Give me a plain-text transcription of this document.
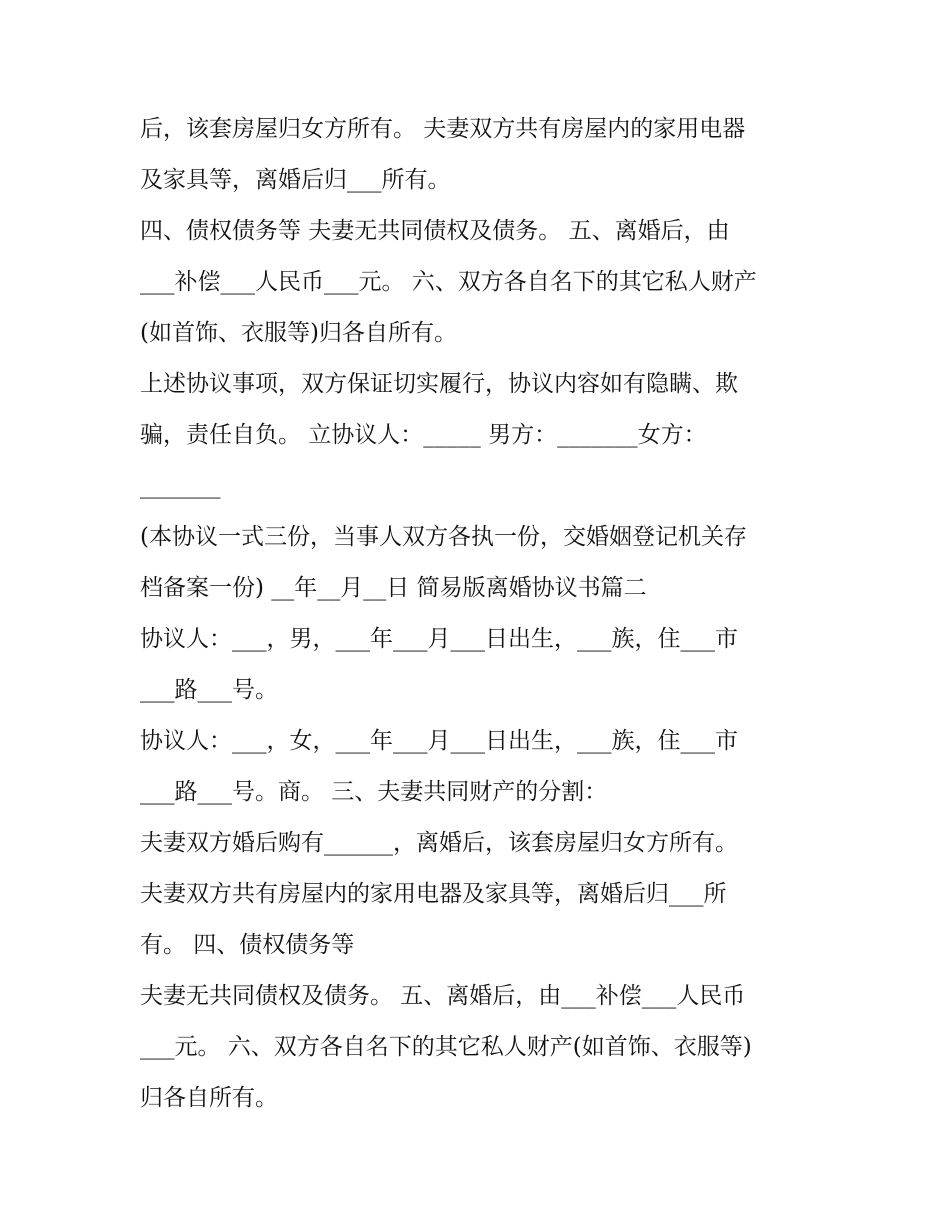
后，该套房屋归女方所有。 夫妻双方共有房屋内的家用电器
及家具等，离婚后归___所有。
四、债权债务等 夫妻无共同债权及债务。 五、离婚后，由
___补偿___人民币___元。 六、双方各自名下的其它私人财产
(如首饰、衣服等)归各自所有。
上述协议事项，双方保证切实履行，协议内容如有隐瞒、欺
骗，责任自负。 立协议人：_____ 男方：_______女方：
_______
(本协议一式三份，当事人双方各执一份，交婚姻登记机关存
档备案一份) __年__月__日 简易版离婚协议书篇二
协议人：___，男，___年___月___日出生，___族，住___市
___路___号。
协议人：___，女，___年___月___日出生，___族，住___市
___路___号。商。 三、夫妻共同财产的分割：
夫妻双方婚后购有______，离婚后，该套房屋归女方所有。
夫妻双方共有房屋内的家用电器及家具等，离婚后归___所
有。 四、债权债务等
夫妻无共同债权及债务。 五、离婚后，由___补偿___人民币
___元。 六、双方各自名下的其它私人财产(如首饰、衣服等)
归各自所有。
